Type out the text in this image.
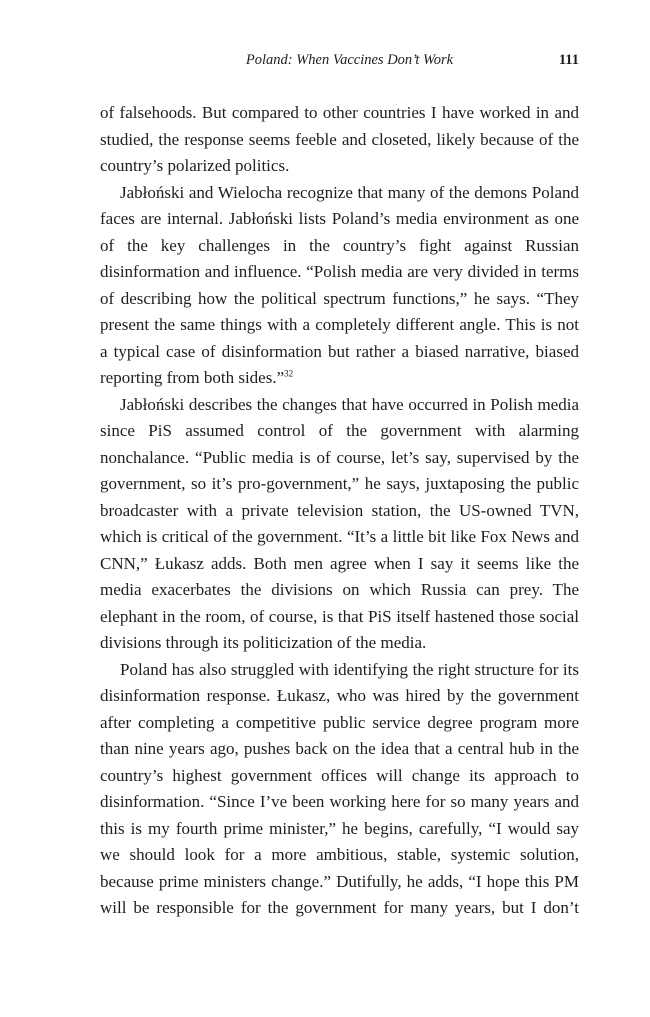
Poland: When Vaccines Don’t Work	111

of falsehoods. But compared to other countries I have worked in and studied, the response seems feeble and closeted, likely because of the country’s polarized politics.

Jabłoński and Wielocha recognize that many of the demons Poland faces are internal. Jabłoński lists Poland’s media environment as one of the key challenges in the country’s fight against Russian disinformation and influence. “Polish media are very divided in terms of describing how the political spectrum functions,” he says. “They present the same things with a completely different angle. This is not a typical case of disinformation but rather a biased narrative, biased reporting from both sides.”$^{32}$

Jabłoński describes the changes that have occurred in Polish media since PiS assumed control of the government with alarming nonchalance. “Public media is of course, let’s say, supervised by the government, so it’s pro-government,” he says, juxtaposing the public broadcaster with a private television station, the US-owned TVN, which is critical of the government. “It’s a little bit like Fox News and CNN,” Łukasz adds. Both men agree when I say it seems like the media exacerbates the divisions on which Russia can prey. The elephant in the room, of course, is that PiS itself hastened those social divisions through its politicization of the media.

Poland has also struggled with identifying the right structure for its disinformation response. Łukasz, who was hired by the government after completing a competitive public service degree program more than nine years ago, pushes back on the idea that a central hub in the country’s highest government offices will change its approach to disinformation. “Since I’ve been working here for so many years and this is my fourth prime minister,” he begins, carefully, “I would say we should look for a more ambitious, stable, systemic solution, because prime ministers change.” Dutifully, he adds, “I hope this PM will be responsible for the government for many years, but I don’t
